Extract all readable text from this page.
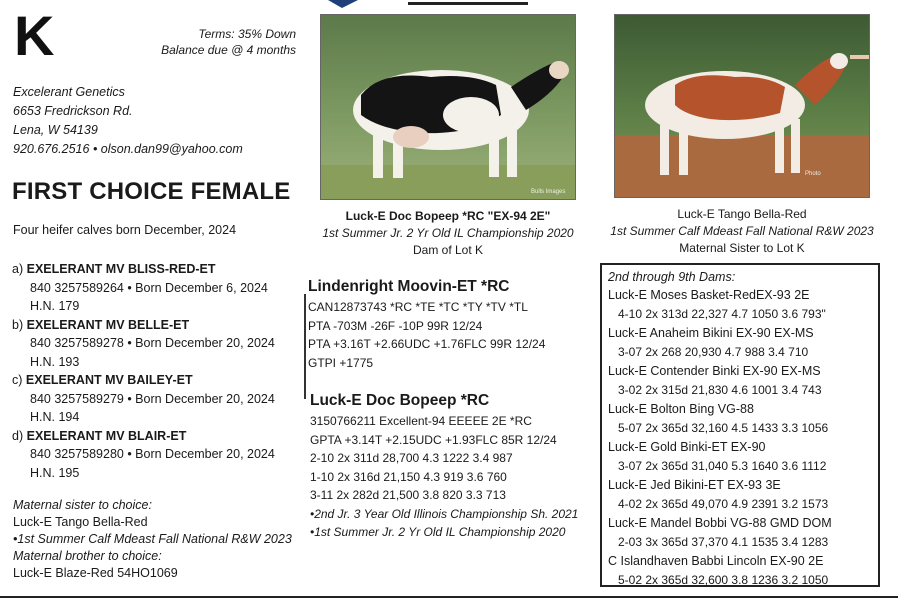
K	Terms: 35% Down
Balance due @ 4 months
Excelerant Genetics
6653 Fredrickson Rd.
Lena, W 54139
920.676.2516 • olson.dan99@yahoo.com
FIRST CHOICE FEMALE
Four heifer calves born December, 2024
a) EXELERANT MV BLISS-RED-ET
840 3257589264 • Born December 6, 2024
H.N. 179
b) EXELERANT MV BELLE-ET
840 3257589278 • Born December 20, 2024
H.N. 193
c) EXELERANT MV BAILEY-ET
840 3257589279 • Born December 20, 2024
H.N. 194
d) EXELERANT MV BLAIR-ET
840 3257589280 • Born December 20, 2024
H.N. 195
Maternal sister to choice:
Luck-E Tango Bella-Red
•1st Summer Calf Mdeast Fall National R&W 2023
Maternal brother to choice:
Luck-E Blaze-Red 54HO1069
Bulls Images
Luck-E Doc Bopeep *RC "EX-94 2E"
1st Summer Jr. 2 Yr Old IL Championship 2020
Dam of Lot K
Photo
Luck-E Tango Bella-Red
1st Summer Calf Mdeast Fall National R&W 2023
Maternal Sister to Lot K
Lindenright Moovin-ET *RC
CAN12873743 *RC *TE *TC *TY *TV *TL
PTA -703M -26F -10P 99R 12/24
PTA +3.16T +2.66UDC +1.76FLC 99R 12/24
GTPI +1775
Luck-E Doc Bopeep *RC
3150766211 Excellent-94 EEEEE 2E *RC
GPTA +3.14T +2.15UDC +1.93FLC 85R 12/24
2-10 2x 311d 28,700 4.3 1222 3.4 987
1-10 2x 316d 21,150 4.3 919 3.6 760
3-11 2x 282d 21,500 3.8 820 3.3 713
•2nd Jr. 3 Year Old Illinois Championship Sh. 2021
•1st Summer Jr. 2 Yr Old IL Championship 2020
2nd through 9th Dams:
Luck-E Moses Basket-RedEX-93 2E
4-10 2x 313d 22,327 4.7 1050 3.6 793"
Luck-E Anaheim Bikini EX-90 EX-MS
3-07 2x 268 20,930 4.7 988 3.4 710
Luck-E Contender Binki EX-90 EX-MS
3-02 2x 315d 21,830 4.6 1001 3.4 743
Luck-E Bolton Bing VG-88
5-07 2x 365d 32,160 4.5 1433 3.3 1056
Luck-E Gold Binki-ET EX-90
3-07 2x 365d 31,040 5.3 1640 3.6 1112
Luck-E Jed Bikini-ET EX-93 3E
4-02 2x 365d 49,070 4.9 2391 3.2 1573
Luck-E Mandel Bobbi VG-88 GMD DOM
2-03 3x 365d 37,370 4.1 1535 3.4 1283
C Islandhaven Babbi Lincoln EX-90 2E
5-02 2x 365d 32,600 3.8 1236 3.2 1050
